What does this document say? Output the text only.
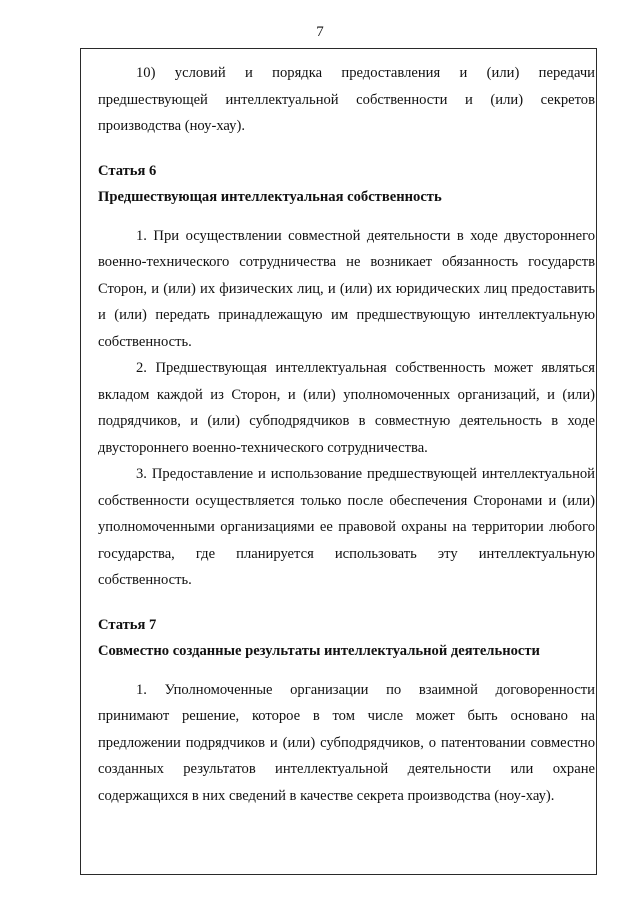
7

10) условий и порядка предоставления и (или) передачи предшествующей интеллектуальной собственности и (или) секретов производства (ноу-хау).

Статья 6

Предшествующая интеллектуальная собственность

1. При осуществлении совместной деятельности в ходе двустороннего военно-технического сотрудничества не возникает обязанность государств Сторон, и (или) их физических лиц, и (или) их юридических лиц предоставить и (или) передать принадлежащую им предшествующую интеллектуальную собственность.

2. Предшествующая интеллектуальная собственность может являться вкладом каждой из Сторон, и (или) уполномоченных организаций, и (или) подрядчиков, и (или) субподрядчиков в совместную деятельность в ходе двустороннего военно-технического сотрудничества.

3. Предоставление и использование предшествующей интеллектуальной собственности осуществляется только после обеспечения Сторонами и (или) уполномоченными организациями ее правовой охраны на территории любого государства, где планируется использовать эту интеллектуальную собственность.

Статья 7

Совместно созданные результаты интеллектуальной деятельности

1. Уполномоченные организации по взаимной договоренности принимают решение, которое в том числе может быть основано на предложении подрядчиков и (или) субподрядчиков, о патентовании совместно созданных результатов интеллектуальной деятельности или охране содержащихся в них сведений в качестве секрета производства (ноу-хау).
